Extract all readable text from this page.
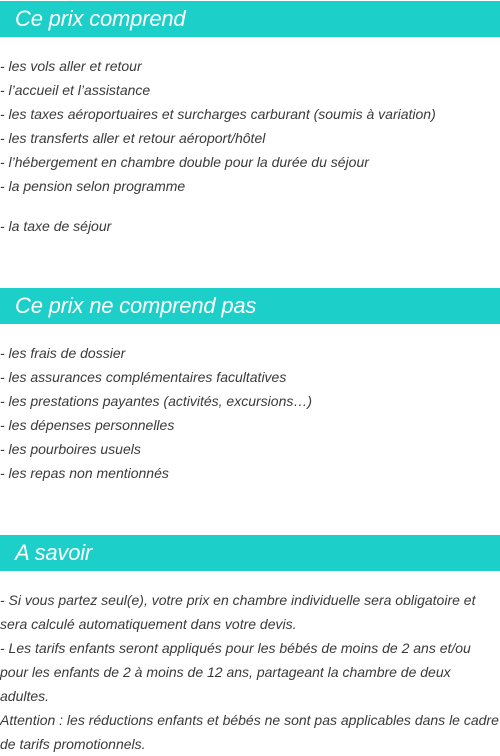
Ce prix comprend
- les vols aller et retour
- l’accueil et l’assistance
- les taxes aéroportuaires et surcharges carburant (soumis à variation)
- les transferts aller et retour aéroport/hôtel
- l’hébergement en chambre double pour la durée du séjour
- la pension selon programme
- la taxe de séjour
Ce prix ne comprend pas
- les frais de dossier
- les assurances complémentaires facultatives
- les prestations payantes (activités, excursions…)
- les dépenses personnelles
- les pourboires usuels
- les repas non mentionnés
A savoir

- Si vous partez seul(e), votre prix en chambre individuelle sera obligatoire et sera calculé automatiquement dans votre devis.

- Les tarifs enfants seront appliqués pour les bébés de moins de 2 ans et/ou pour les enfants de 2 à moins de 12 ans, partageant la chambre de deux adultes.

Attention : les réductions enfants et bébés ne sont pas applicables dans le cadre de tarifs promotionnels.
